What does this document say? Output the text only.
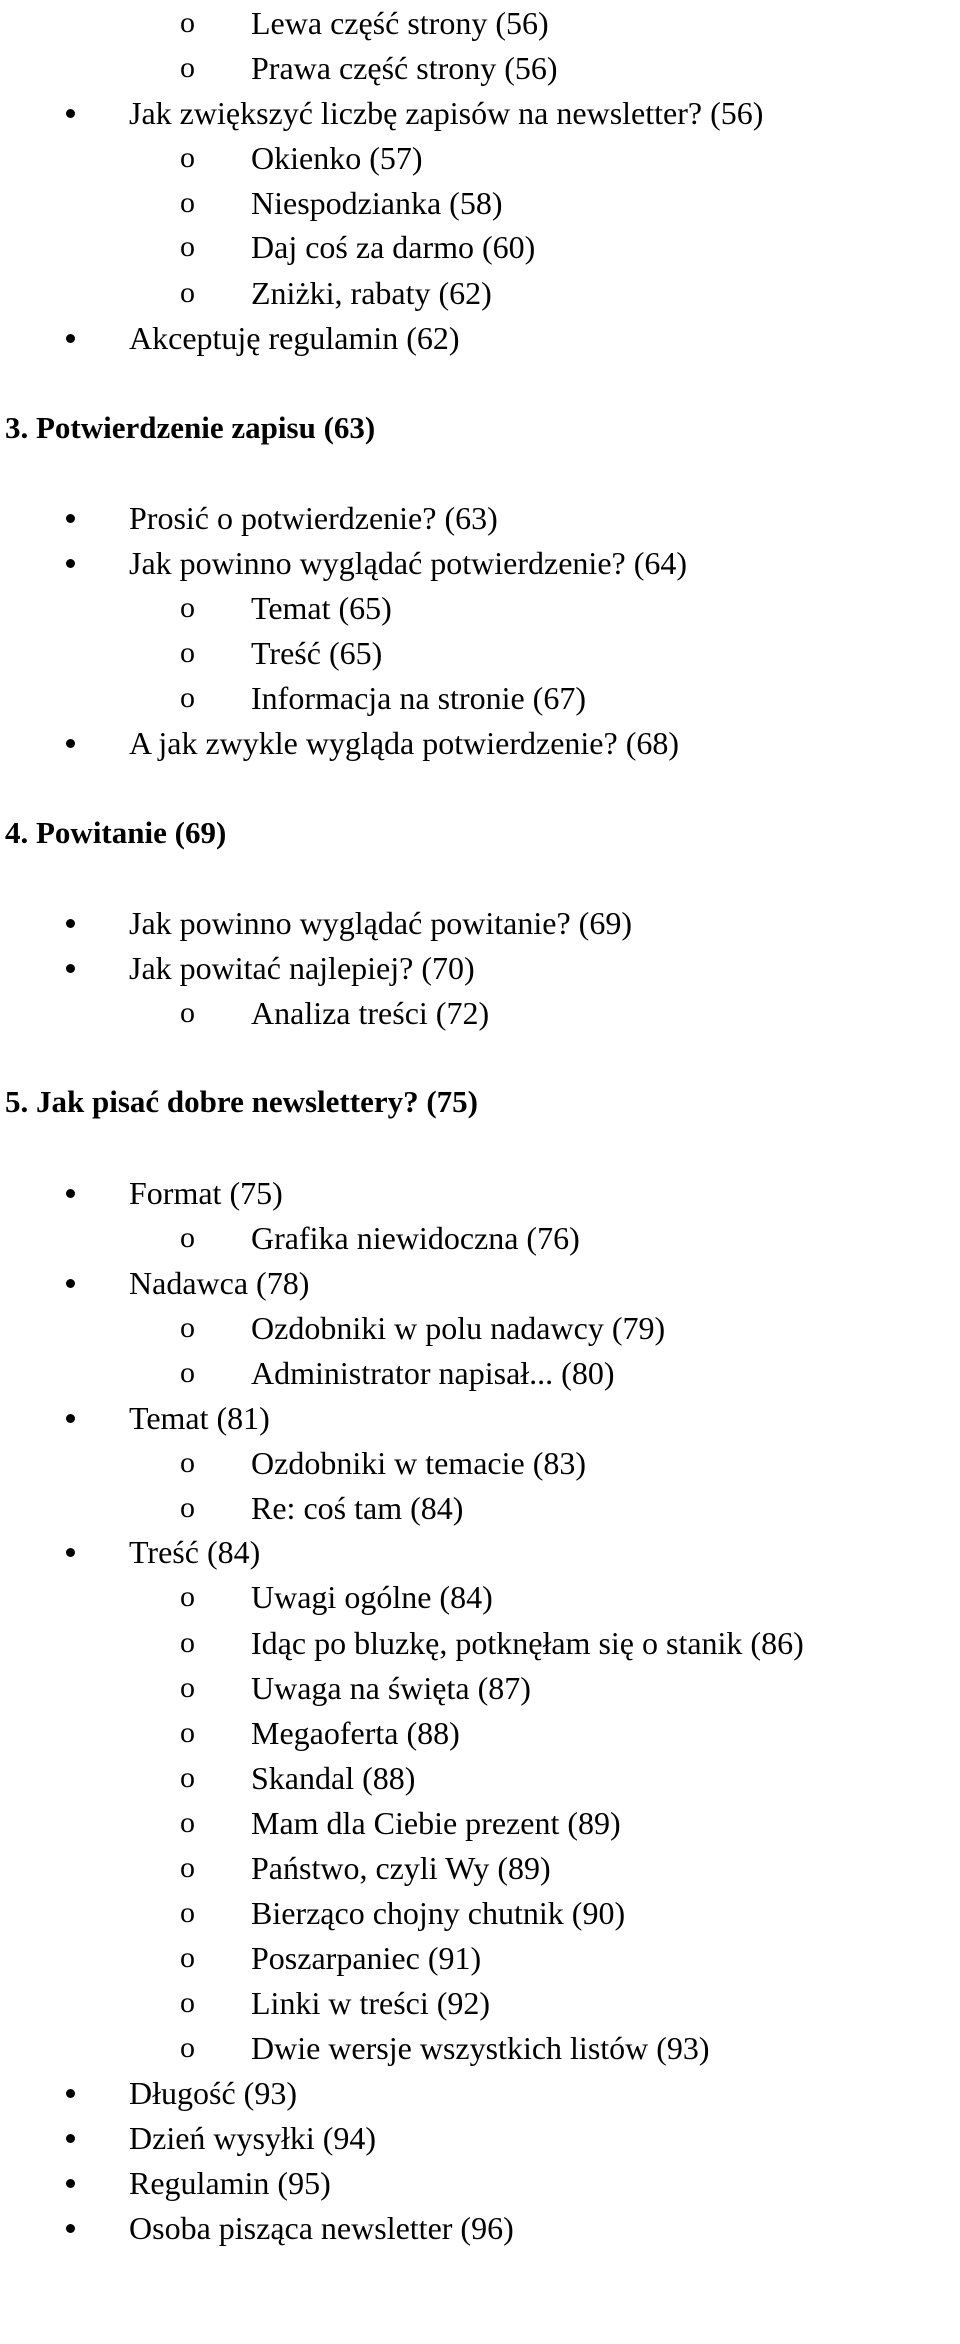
o Lewa część strony (56)
o Prawa część strony (56)
Jak zwiększyć liczbę zapisów na newsletter? (56)
o Okienko (57)
o Niespodzianka (58)
o Daj coś za darmo (60)
o Zniżki, rabaty (62)
Akceptuję regulamin (62)
3. Potwierdzenie zapisu (63)
Prosić o potwierdzenie? (63)
Jak powinno wyglądać potwierdzenie? (64)
o Temat (65)
o Treść (65)
o Informacja na stronie (67)
A jak zwykle wygląda potwierdzenie? (68)
4. Powitanie (69)
Jak powinno wyglądać powitanie? (69)
Jak powitać najlepiej? (70)
o Analiza treści (72)
5. Jak pisać dobre newslettery? (75)
Format (75)
o Grafika niewidoczna (76)
Nadawca (78)
o Ozdobniki w polu nadawcy (79)
o Administrator napisał... (80)
Temat (81)
o Ozdobniki w temacie (83)
o Re: coś tam (84)
Treść (84)
o Uwagi ogólne (84)
o Idąc po bluzkę, potknęłam się o stanik (86)
o Uwaga na święta (87)
o Megaoferta (88)
o Skandal (88)
o Mam dla Ciebie prezent (89)
o Państwo, czyli Wy (89)
o Bierząco chojny chutnik (90)
o Poszarpaniec (91)
o Linki w treści (92)
o Dwie wersje wszystkich listów (93)
Długość (93)
Dzień wysyłki (94)
Regulamin (95)
Osoba pisząca newsletter (96)
